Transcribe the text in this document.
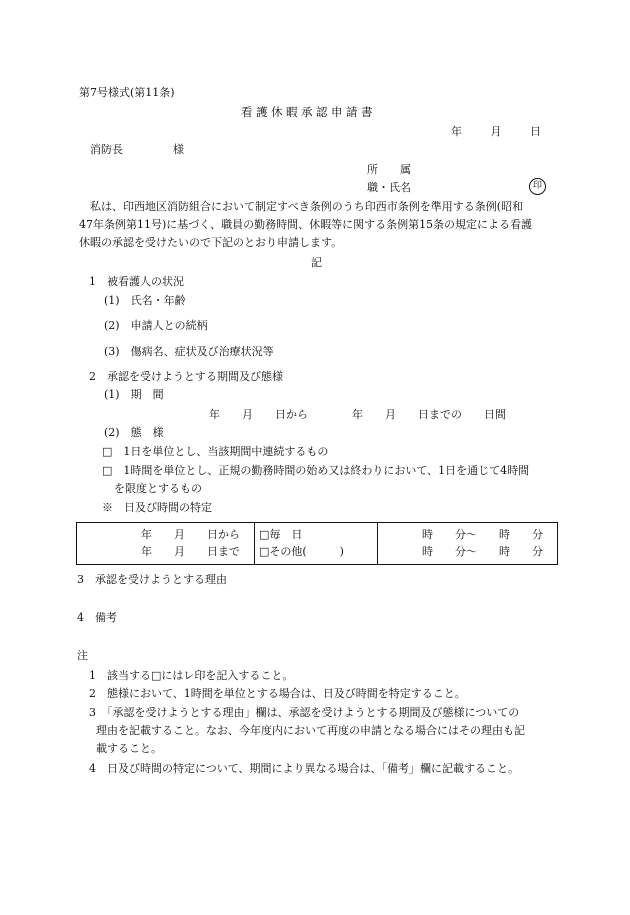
第7号様式(第11条)
看護休暇承認申請書
年	月	日
消防長	様
所　　属
職・氏名	印
私は、印西地区消防組合において制定すべき条例のうち印西市条例を準用する条例(昭和
47年条例第11号)に基づく、職員の勤務時間、休暇等に関する条例第15条の規定による看護
休暇の承認を受けたいので下記のとおり申請します。
記
1　被看護人の状況
(1)　氏名・年齢
(2)　申請人との続柄
(3)　傷病名、症状及び治療状況等
2　承認を受けようとする期間及び態様
(1)　期　間
年　　月　　日から　　　　年　　月　　日までの　　日間
(2)　態　様
□　1日を単位とし、当該期間中連続するもの
□　1時間を単位とし、正規の勤務時間の始め又は終わりにおいて、1日を通じて4時間
を限度とするもの
※　日及び時間の特定
年　　月　　日から □毎　日	時　　分～　　時　　分
年　　月　　日まで □その他(　　　)	時　　分～　　時　　分
3　承認を受けようとする理由
4　備考
注
1　該当する□にはレ印を記入すること。
2　態様において、1時間を単位とする場合は、日及び時間を特定すること。
3　「承認を受けようとする理由」欄は、承認を受けようとする期間及び態様についての
理由を記載すること。なお、今年度内において再度の申請となる場合にはその理由も記
載すること。
4　日及び時間の特定について、期間により異なる場合は、「備考」欄に記載すること。
